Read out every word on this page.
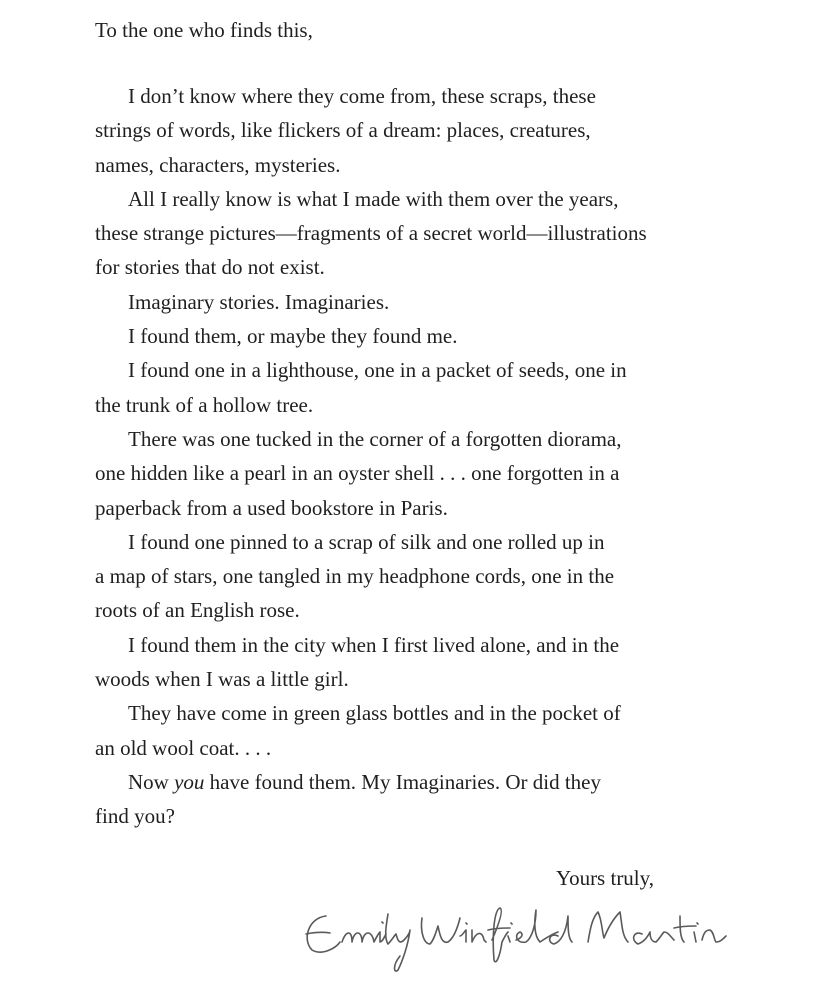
To the one who finds this,

I don’t know where they come from, these scraps, these
strings of words, like flickers of a dream: places, creatures,
names, characters, mysteries.

All I really know is what I made with them over the years,
these strange pictures—fragments of a secret world—illustrations
for stories that do not exist.

Imaginary stories. Imaginaries.

I found them, or maybe they found me.

I found one in a lighthouse, one in a packet of seeds, one in
the trunk of a hollow tree.

There was one tucked in the corner of a forgotten diorama,
one hidden like a pearl in an oyster shell . . . one forgotten in a
paperback from a used bookstore in Paris.

I found one pinned to a scrap of silk and one rolled up in
a map of stars, one tangled in my headphone cords, one in the
roots of an English rose.

I found them in the city when I first lived alone, and in the
woods when I was a little girl.

They have come in green glass bottles and in the pocket of
an old wool coat. . . .

Now you have found them. My Imaginaries. Or did they
find you?

Yours truly,
